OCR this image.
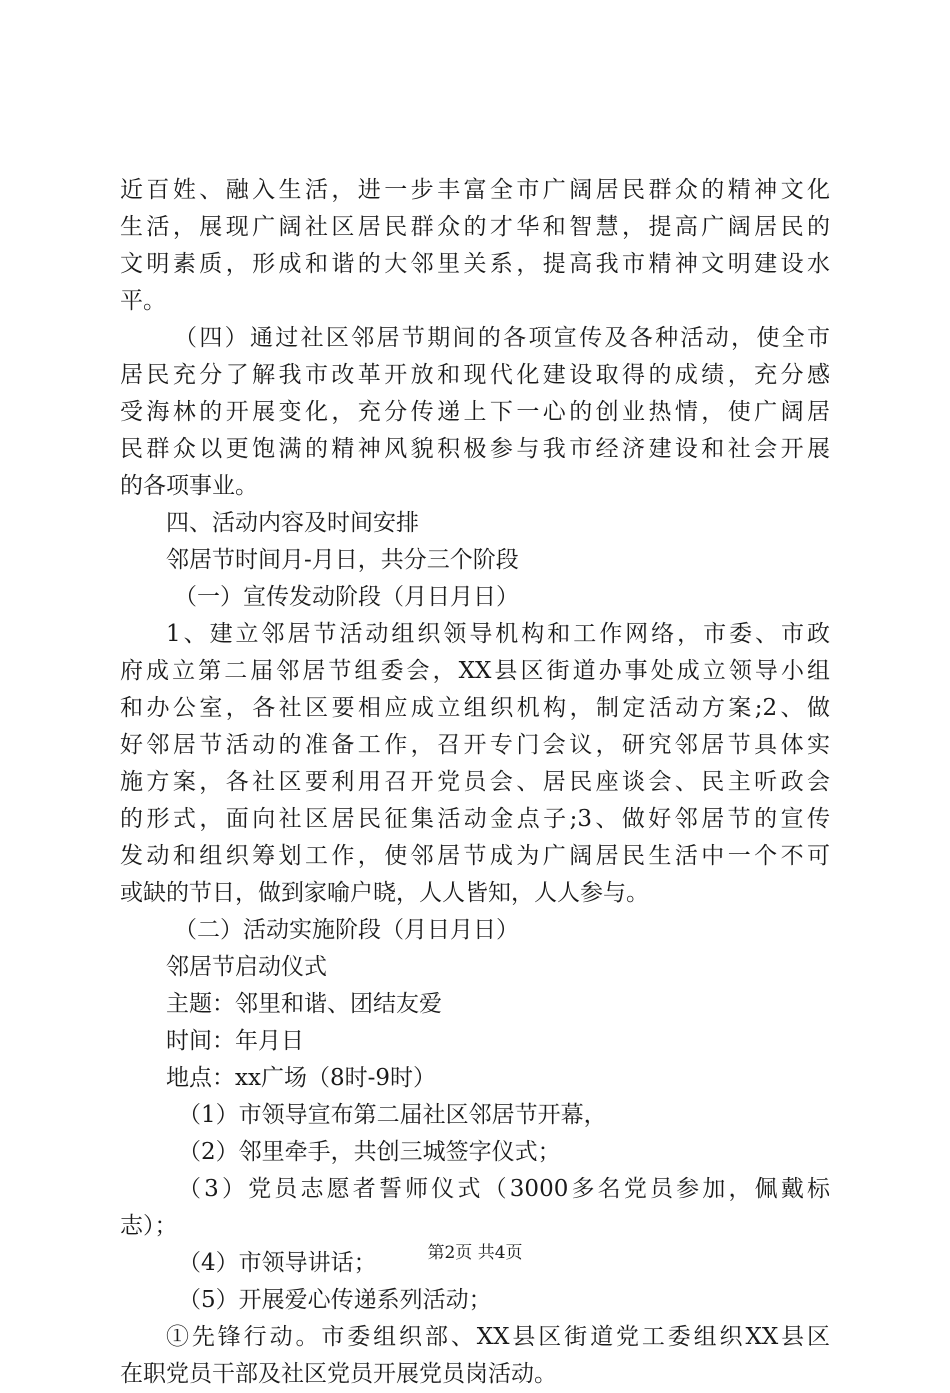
近百姓、融入生活，进一步丰富全市广阔居民群众的精神文化
生活，展现广阔社区居民群众的才华和智慧，提高广阔居民的
文明素质，形成和谐的大邻里关系，提高我市精神文明建设水
平。
（四）通过社区邻居节期间的各项宣传及各种活动，使全市
居民充分了解我市改革开放和现代化建设取得的成绩，充分感
受海林的开展变化，充分传递上下一心的创业热情，使广阔居
民群众以更饱满的精神风貌积极参与我市经济建设和社会开展
的各项事业。
四、活动内容及时间安排
邻居节时间月-月日，共分三个阶段
（一）宣传发动阶段（月日月日）
1、建立邻居节活动组织领导机构和工作网络，市委、市政
府成立第二届邻居节组委会，XX县区街道办事处成立领导小组
和办公室，各社区要相应成立组织机构，制定活动方案;2、做
好邻居节活动的准备工作，召开专门会议，研究邻居节具体实
施方案，各社区要利用召开党员会、居民座谈会、民主听政会
的形式，面向社区居民征集活动金点子;3、做好邻居节的宣传
发动和组织筹划工作，使邻居节成为广阔居民生活中一个不可
或缺的节日，做到家喻户晓，人人皆知，人人参与。
（二）活动实施阶段（月日月日）
邻居节启动仪式
主题：邻里和谐、团结友爱
时间：年月日
地点：xx广场（8时-9时）
（1）市领导宣布第二届社区邻居节开幕，
（2）邻里牵手，共创三城签字仪式；
（3）党员志愿者誓师仪式（3000多名党员参加，佩戴标
志）；
（4）市领导讲话；
（5）开展爱心传递系列活动；
①先锋行动。市委组织部、XX县区街道党工委组织XX县区
在职党员干部及社区党员开展党员岗活动。
第2页 共4页
